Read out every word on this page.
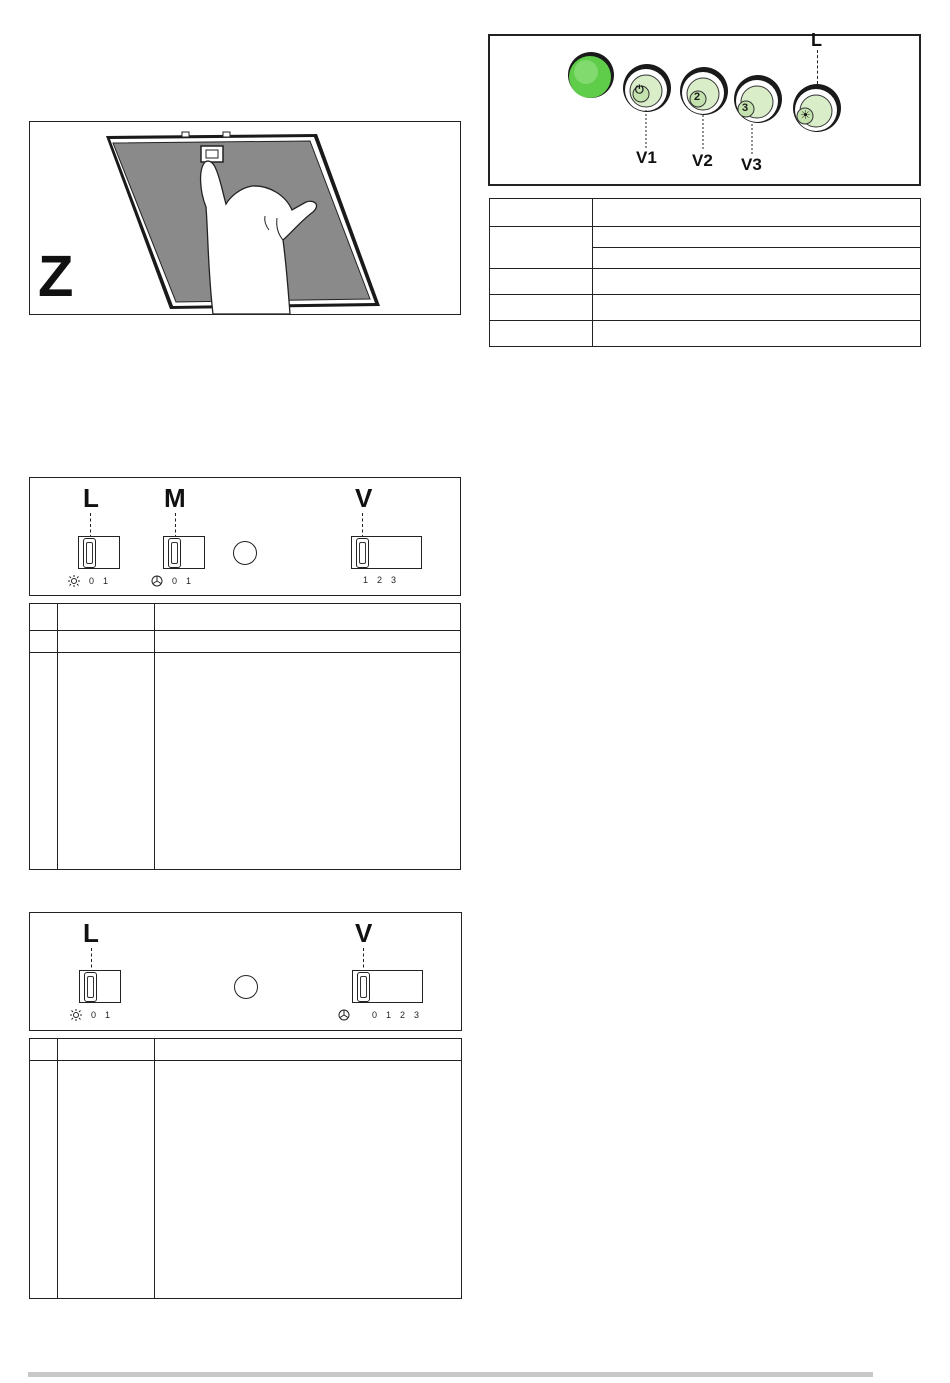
Z
L
⏻
2
3	☀
V1 V2 V3

L	M	V
0 1	0 1	1 2 3

L	V
0 1	0 1 2 3
